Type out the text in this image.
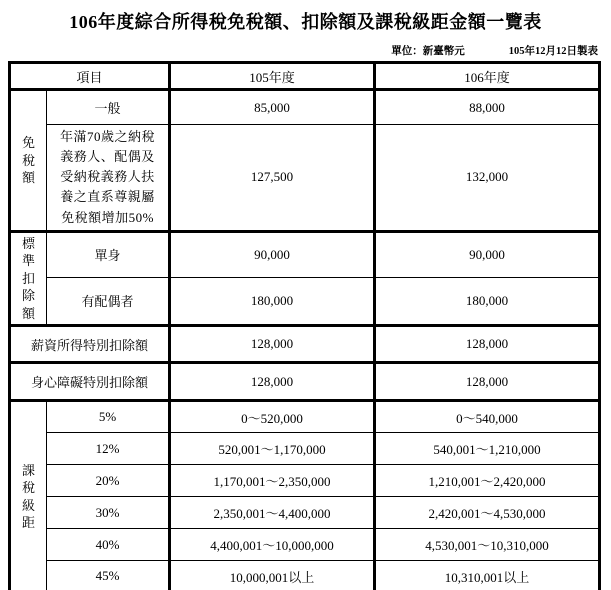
106年度綜合所得稅免稅額、扣除額及課稅級距金額一覽表
單位：新臺幣元	105年12月12日製表
項目		105年度	106年度
免稅額	一般	85,000	88,000
	年滿70歲之納稅義務人、配偶及受納稅義務人扶養之直系尊親屬免稅額增加50%	127,500	132,000
標準扣除額	單身	90,000	90,000
	有配偶者	180,000	180,000
薪資所得特別扣除額		128,000	128,000
身心障礙特別扣除額		128,000	128,000
課稅級距	5%	0～520,000	0～540,000
	12%	520,001～1,170,000	540,001～1,210,000
	20%	1,170,001～2,350,000	1,210,001～2,420,000
	30%	2,350,001～4,400,000	2,420,001～4,530,000
	40%	4,400,001～10,000,000	4,530,001～10,310,000
	45%	10,000,001以上	10,310,001以上
